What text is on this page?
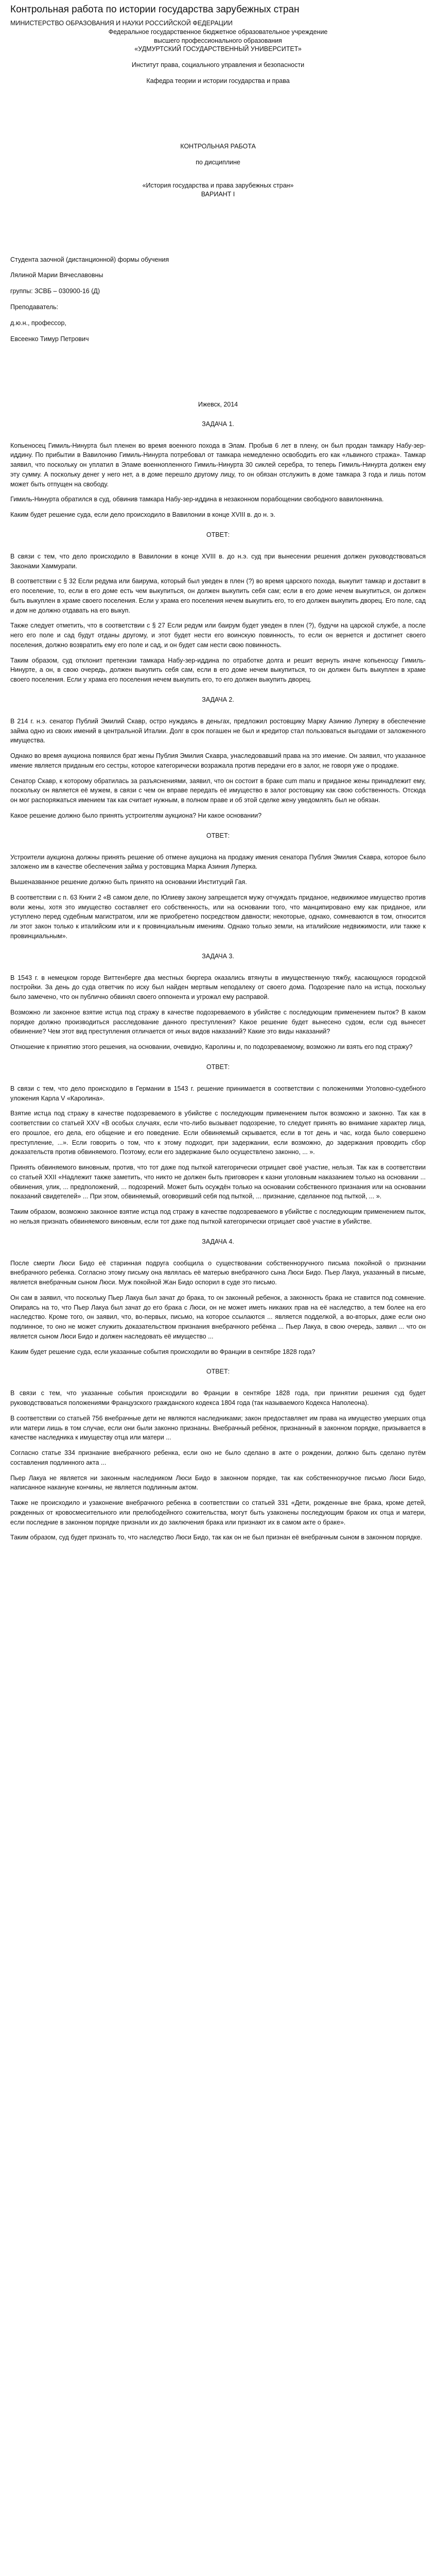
Контрольная работа по истории государства зарубежных стран

МИНИСТЕРСТВО ОБРАЗОВАНИЯ И НАУКИ РОССИЙСКОЙ ФЕДЕРАЦИИ

Федеральное государственное бюджетное образовательное учреждение

высшего профессионального образования

«УДМУРТСКИЙ ГОСУДАРСТВЕННЫЙ УНИВЕРСИТЕТ»

Институт права, социального управления и безопасности

Кафедра теории и истории государства и права

КОНТРОЛЬНАЯ РАБОТА

по дисциплине

«История государства и права зарубежных стран»

ВАРИАНТ I

Студента заочной (дистанционной) формы обучения

Лялиной Марии Вячеславовны

группы: ЗСВБ – 030900-16 (Д)

Преподаватель:

д.ю.н., профессор,

Евсеенко Тимур Петрович

Ижевск, 2014

ЗАДАЧА 1.

Копьеносец Гимиль-Нинурта был пленен во время военного похода в Элам. Пробыв 6 лет в плену, он был продан тамкару Набу-зер-иддину. По прибытии в Вавилонию Гимиль-Нинурта потребовал от тамкара немедленно освободить его как «львиного стража». Тамкар заявил, что поскольку он уплатил в Эламе военнопленного Гимиль-Нинурта 30 сиклей серебра, то теперь Гимиль-Нинурта должен ему эту сумму. А поскольку денег у него нет, а в доме перешло другому лицу, то он обязан отслужить в доме тамкара 3 года и лишь потом может быть отпущен на свободу.

Гимиль-Нинурта обратился в суд, обвинив тамкара Набу-зер-иддина в незаконном порабощении свободного вавилонянина.

Каким будет решение суда, если дело происходило в Вавилонии в конце XVIII в. до н. э.

ОТВЕТ:

В связи с тем, что дело происходило в Вавилонии в конце XVIII в. до н.э. суд при вынесении решения должен руководствоваться Законами Хаммурапи.

В соответствии с § 32 Если редума или баирума, который был уведен в плен (?) во время царского похода, выкупит тамкар и доставит в его поселение, то, если в его доме есть чем выкупиться, он должен выкупить себя сам; если в его доме нечем выкупиться, он должен быть выкуплен в храме своего поселения. Если у храма его поселения нечем выкупить его, то его должен выкупить дворец. Его поле, сад и дом не должно отдавать на его выкуп.

Также следует отметить, что в соответствии с § 27 Если редум или баирум будет уведен в плен (?), будучи на царской службе, а после него его поле и сад будут отданы другому, и этот будет нести его воинскую повинность, то если он вернется и достигнет своего поселения, должно возвратить ему его поле и сад, и он будет сам нести свою повинность.

Таким образом, суд отклонит претензии тамкара Набу-зер-иддина по отработке долга и решит вернуть иначе копьеносцу Гимиль-Нинурте, а он, в свою очередь, должен выкупить себя сам, если в его доме нечем выкупиться, то он должен быть выкуплен в храме своего поселения. Если у храма его поселения нечем выкупить его, то его должен выкупить дворец.

ЗАДАЧА 2.

В 214 г. н.э. сенатор Публий Эмилий Скавр, остро нуждаясь в деньгах, предложил ростовщику Марку Азинию Луперку в обеспечение займа одно из своих имений в центральной Италии. Долг в срок погашен не был и кредитор стал пользоваться выгодами от заложенного имущества.

Однако во время аукциона появился брат жены Публия Эмилия Скавра, унаследовавший права на это имение. Он заявил, что указанное имение является приданым его сестры, которое категорически возражала против передачи его в залог, не говоря уже о продаже.

Сенатор Скавр, к которому обратилась за разъяснениями, заявил, что он состоит в браке cum manu и приданое жены принадлежит ему, поскольку он является её мужем, в связи с чем он вправе передать её имущество в залог ростовщику как свою собственность. Отсюда он мог распоряжаться имением так как считает нужным, в полном праве и об этой сделке жену уведомлять был не обязан.

Какое решение должно было принять устроителям аукциона? Ни какое основании?

ОТВЕТ:

Устроители аукциона должны принять решение об отмене аукциона на продажу имения сенатора Публия Эмилия Скавра, которое было заложено им в качестве обеспечения займа у ростовщика Марка Азиния Луперка.

Вышеназванное решение должно быть принято на основании Институций Гая.

В соответствии с п. 63 Книги 2 «В самом деле, по Юлиеву закону запрещается мужу отчуждать приданое, недвижимое имущество против воли жены, хотя это имущество составляет его собственность, или на основании того, что манципировано ему как приданое, или уступлено перед судебным магистратом, или же приобретено посредством давности; некоторые, однако, сомневаются в том, относится ли этот закон только к италийским или и к провинциальным имениям. Однако только земли, на италийские недвижимости, или также к провинциальным».

ЗАДАЧА 3.

В 1543 г. в немецком городе Виттенберге два местных бюргера оказались втянуты в имущественную тяжбу, касающуюся городской постройки. За день до суда ответчик по иску был найден мертвым неподалеку от своего дома. Подозрение пало на истца, поскольку было замечено, что он публично обвинял своего оппонента и угрожал ему расправой.

Возможно ли законное взятие истца под стражу в качестве подозреваемого в убийстве с последующим применением пыток? В каком порядке должно производиться расследование данного преступления? Какое решение будет вынесено судом, если суд вынесет обвинение? Чем этот вид преступления отличается от иных видов наказаний? Какие это виды наказаний?

Отношение к принятию этого решения, на основании, очевидно, Каролины и, по подозреваемому, возможно ли взять его под стражу?

ОТВЕТ:

В связи с тем, что дело происходило в Германии в 1543 г. решение принимается в соответствии с положениями Уголовно-судебного уложения Карла V «Каролина».

Взятие истца под стражу в качестве подозреваемого в убийстве с последующим применением пыток возможно и законно. Так как в соответствии со статьей XXV «В особых случаях, если что-либо вызывает подозрение, то следует принять во внимание характер лица, его прошлое, его дела, его общение и его поведение. Если обвиняемый скрывается, если в тот день и час, когда было совершено преступление, ...». Если говорить о том, что к этому подходит, при задержании, если возможно, до задержания проводить сбор доказательств против обвиняемого. Поэтому, если его задержание было осуществлено законно, ... ».

Принять обвиняемого виновным, против, что тот даже под пыткой категорически отрицает своё участие, нельзя. Так как в соответствии со статьей XXII «Надлежит также заметить, что никто не должен быть приговорен к казни уголовным наказанием только на основании ... обвинения, улик, ... предположений, ... подозрений. Может быть осуждён только на основании собственного признания или на основании показаний свидетелей» ... При этом, обвиняемый, оговоривший себя под пыткой, ... признание, сделанное под пыткой, ... ».

Таким образом, возможно законное взятие истца под стражу в качестве подозреваемого в убийстве с последующим применением пыток, но нельзя признать обвиняемого виновным, если тот даже под пыткой категорически отрицает своё участие в убийстве.

ЗАДАЧА 4.

После смерти Люси Бидо её старинная подруга сообщила о существовании собственноручного письма покойной о признании внебрачного ребенка. Согласно этому письму она являлась её матерью внебрачного сына Люси Бидо. Пьер Лакуа, указанный в письме, является внебрачным сыном Люси. Муж покойной Жан Бидо оспорил в суде это письмо.

Он сам в заявил, что поскольку Пьер Лакуа был зачат до брака, то он законный ребенок, а законность брака не ставится под сомнение. Опираясь на то, что Пьер Лакуа был зачат до его брака с Люси, он не может иметь никаких прав на её наследство, а тем более на его наследство. Кроме того, он заявил, что, во-первых, письмо, на которое ссылаются ... является подделкой, а во-вторых, даже если оно подлинное, то оно не может служить доказательством признания внебрачного ребёнка ... Пьер Лакуа, в свою очередь, заявил ... что он является сыном Люси Бидо и должен наследовать её имущество ...

Каким будет решение суда, если указанные события происходили во Франции в сентябре 1828 года?

ОТВЕТ:

В связи с тем, что указанные события происходили во Франции в сентябре 1828 года, при принятии решения суд будет руководствоваться положениями Французского гражданского кодекса 1804 года (так называемого Кодекса Наполеона).

В соответствии со статьей 756 внебрачные дети не являются наследниками; закон предоставляет им права на имущество умерших отца или матери лишь в том случае, если они были законно признаны. Внебрачный ребёнок, признанный в законном порядке, призывается в качестве наследника к имуществу отца или матери ...

Согласно статье 334 признание внебрачного ребенка, если оно не было сделано в акте о рождении, должно быть сделано путём составления подлинного акта ...

Пьер Лакуа не является ни законным наследником Люси Бидо в законном порядке, так как собственноручное письмо Люси Бидо, написанное накануне кончины, не является подлинным актом.

Также не происходило и узаконение внебрачного ребенка в соответствии со статьей 331 «Дети, рожденные вне брака, кроме детей, рожденных от кровосмесительного или прелюбодейного сожительства, могут быть узаконены последующим браком их отца и матери, если последние в законном порядке признали их до заключения брака или признают их в самом акте о браке».

Таким образом, суд будет признать то, что наследство Люси Бидо, так как он не был признан её внебрачным сыном в законном порядке.
